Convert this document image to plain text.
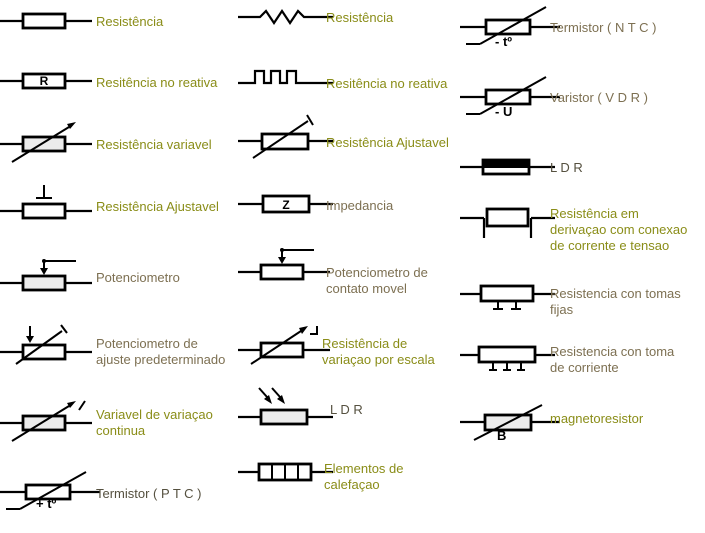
Resistência
R	Resitência no reativa
Resistência variavel
Resistência Ajustavel
Potenciometro
Potenciometro de ajuste predeterminado
Variavel de variaçao continua
+ tº
Termistor ( P T C )
Resistência
Resitência no reativa
Resistência Ajustavel
Z	Impedancia
Potenciometro de contato movel
Resistência de variaçao por escala
L D R
Elementos de calefaçao
- tº
Termistor ( N T C )
- U
Varistor ( V D R )
L D R
Resistência em derivaçao com conexao de corrente e tensao
Resistencia con tomas fijas
Resistencia con toma de corriente
B
magnetoresistor
